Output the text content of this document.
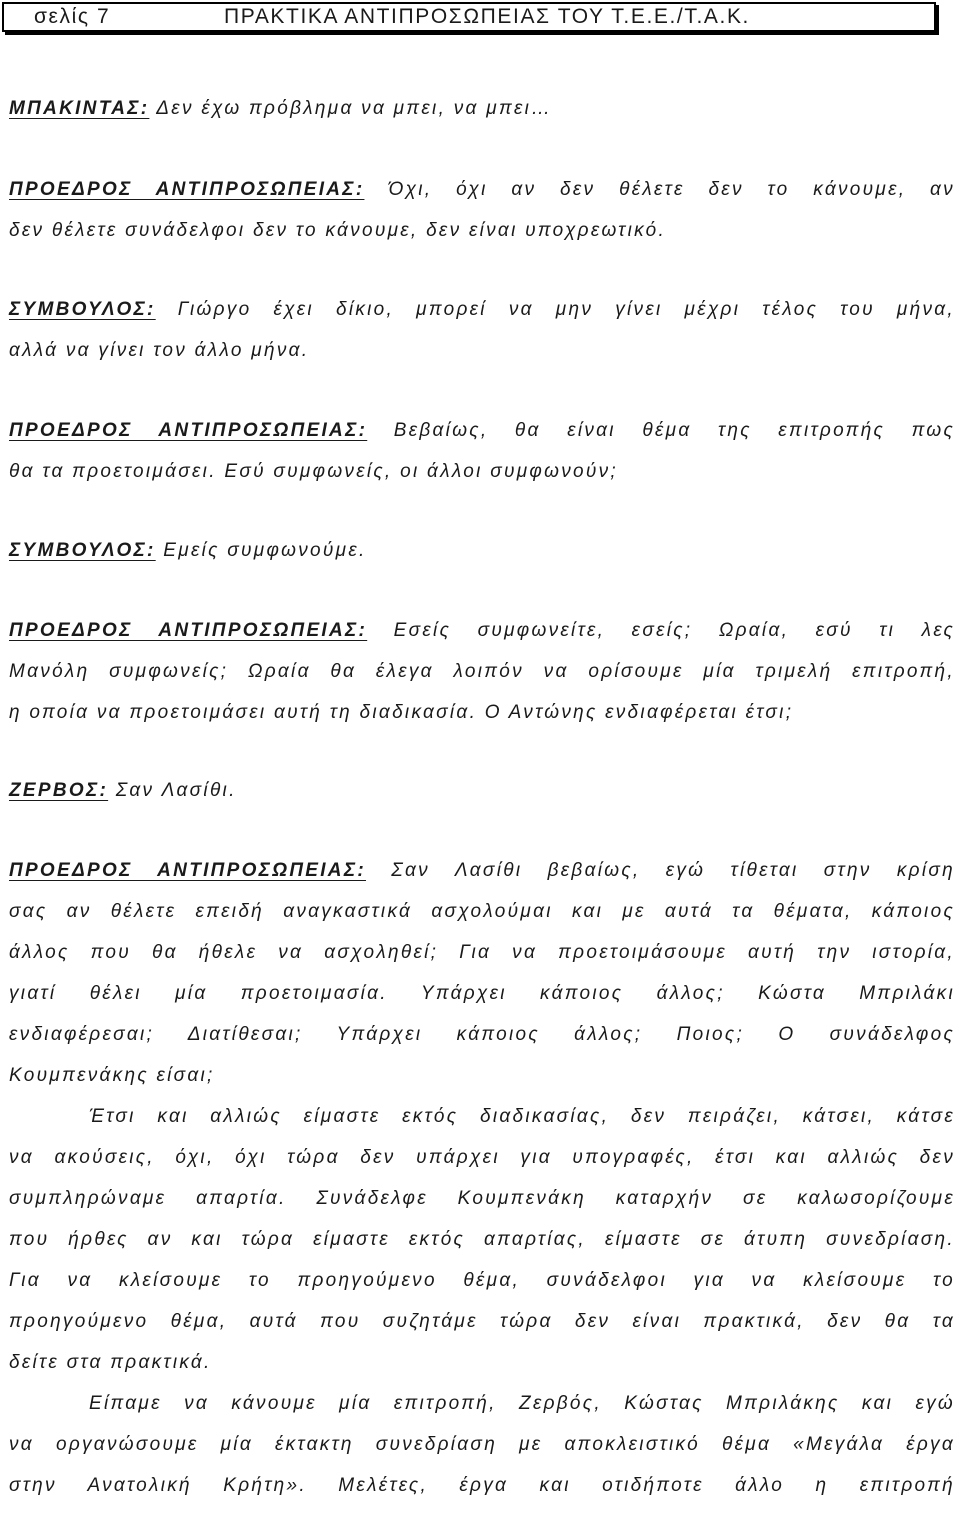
σελίς 7	ΠΡΑΚΤΙΚΑ ΑΝΤΙΠΡΟΣΩΠΕΙΑΣ ΤΟΥ Τ.Ε.Ε./Τ.Α.Κ.
ΜΠΑΚΙΝΤΑΣ: Δεν έχω πρόβλημα να μπει, να μπει…
ΠΡΟΕΔΡΟΣ ΑΝΤΙΠΡΟΣΩΠΕΙΑΣ: Όχι, όχι αν δεν θέλετε δεν το κάνουμε, αν
δεν θέλετε συνάδελφοι δεν το κάνουμε, δεν είναι υποχρεωτικό.
ΣΥΜΒΟΥΛΟΣ: Γιώργο έχει δίκιο, μπορεί να μην γίνει μέχρι τέλος του μήνα,
αλλά να γίνει τον άλλο μήνα.
ΠΡΟΕΔΡΟΣ ΑΝΤΙΠΡΟΣΩΠΕΙΑΣ: Βεβαίως, θα είναι θέμα της επιτροπής πως
θα τα προετοιμάσει. Εσύ συμφωνείς, οι άλλοι συμφωνούν;
ΣΥΜΒΟΥΛΟΣ: Εμείς συμφωνούμε.
ΠΡΟΕΔΡΟΣ ΑΝΤΙΠΡΟΣΩΠΕΙΑΣ: Εσείς συμφωνείτε, εσείς; Ωραία, εσύ τι λες
Μανόλη συμφωνείς; Ωραία θα έλεγα λοιπόν να ορίσουμε μία τριμελή επιτροπή,
η οποία να προετοιμάσει αυτή τη διαδικασία. Ο Αντώνης ενδιαφέρεται έτσι;
ΖΕΡΒΟΣ: Σαν Λασίθι.
ΠΡΟΕΔΡΟΣ ΑΝΤΙΠΡΟΣΩΠΕΙΑΣ: Σαν Λασίθι βεβαίως, εγώ τίθεται στην κρίση
σας αν θέλετε επειδή αναγκαστικά ασχολούμαι και με αυτά τα θέματα, κάποιος
άλλος που θα ήθελε να ασχοληθεί; Για να προετοιμάσουμε αυτή την ιστορία,
γιατί θέλει μία προετοιμασία. Υπάρχει κάποιος άλλος; Κώστα Μπριλάκι
ενδιαφέρεσαι; Διατίθεσαι; Υπάρχει κάποιος άλλος; Ποιος; Ο συνάδελφος
Κουμπενάκης είσαι;
Έτσι και αλλιώς είμαστε εκτός διαδικασίας, δεν πειράζει, κάτσει, κάτσε
να ακούσεις, όχι, όχι τώρα δεν υπάρχει για υπογραφές, έτσι και αλλιώς δεν
συμπληρώναμε απαρτία. Συνάδελφε Κουμπενάκη καταρχήν σε καλωσορίζουμε
που ήρθες αν και τώρα είμαστε εκτός απαρτίας, είμαστε σε άτυπη συνεδρίαση.
Για να κλείσουμε το προηγούμενο θέμα, συνάδελφοι για να κλείσουμε το
προηγούμενο θέμα, αυτά που συζητάμε τώρα δεν είναι πρακτικά, δεν θα τα
δείτε στα πρακτικά.
Είπαμε να κάνουμε μία επιτροπή, Ζερβός, Κώστας Μπριλάκης και εγώ
να οργανώσουμε μία έκτακτη συνεδρίαση με αποκλειστικό θέμα «Μεγάλα έργα
στην Ανατολική Κρήτη». Μελέτες, έργα και οτιδήποτε άλλο η επιτροπή
